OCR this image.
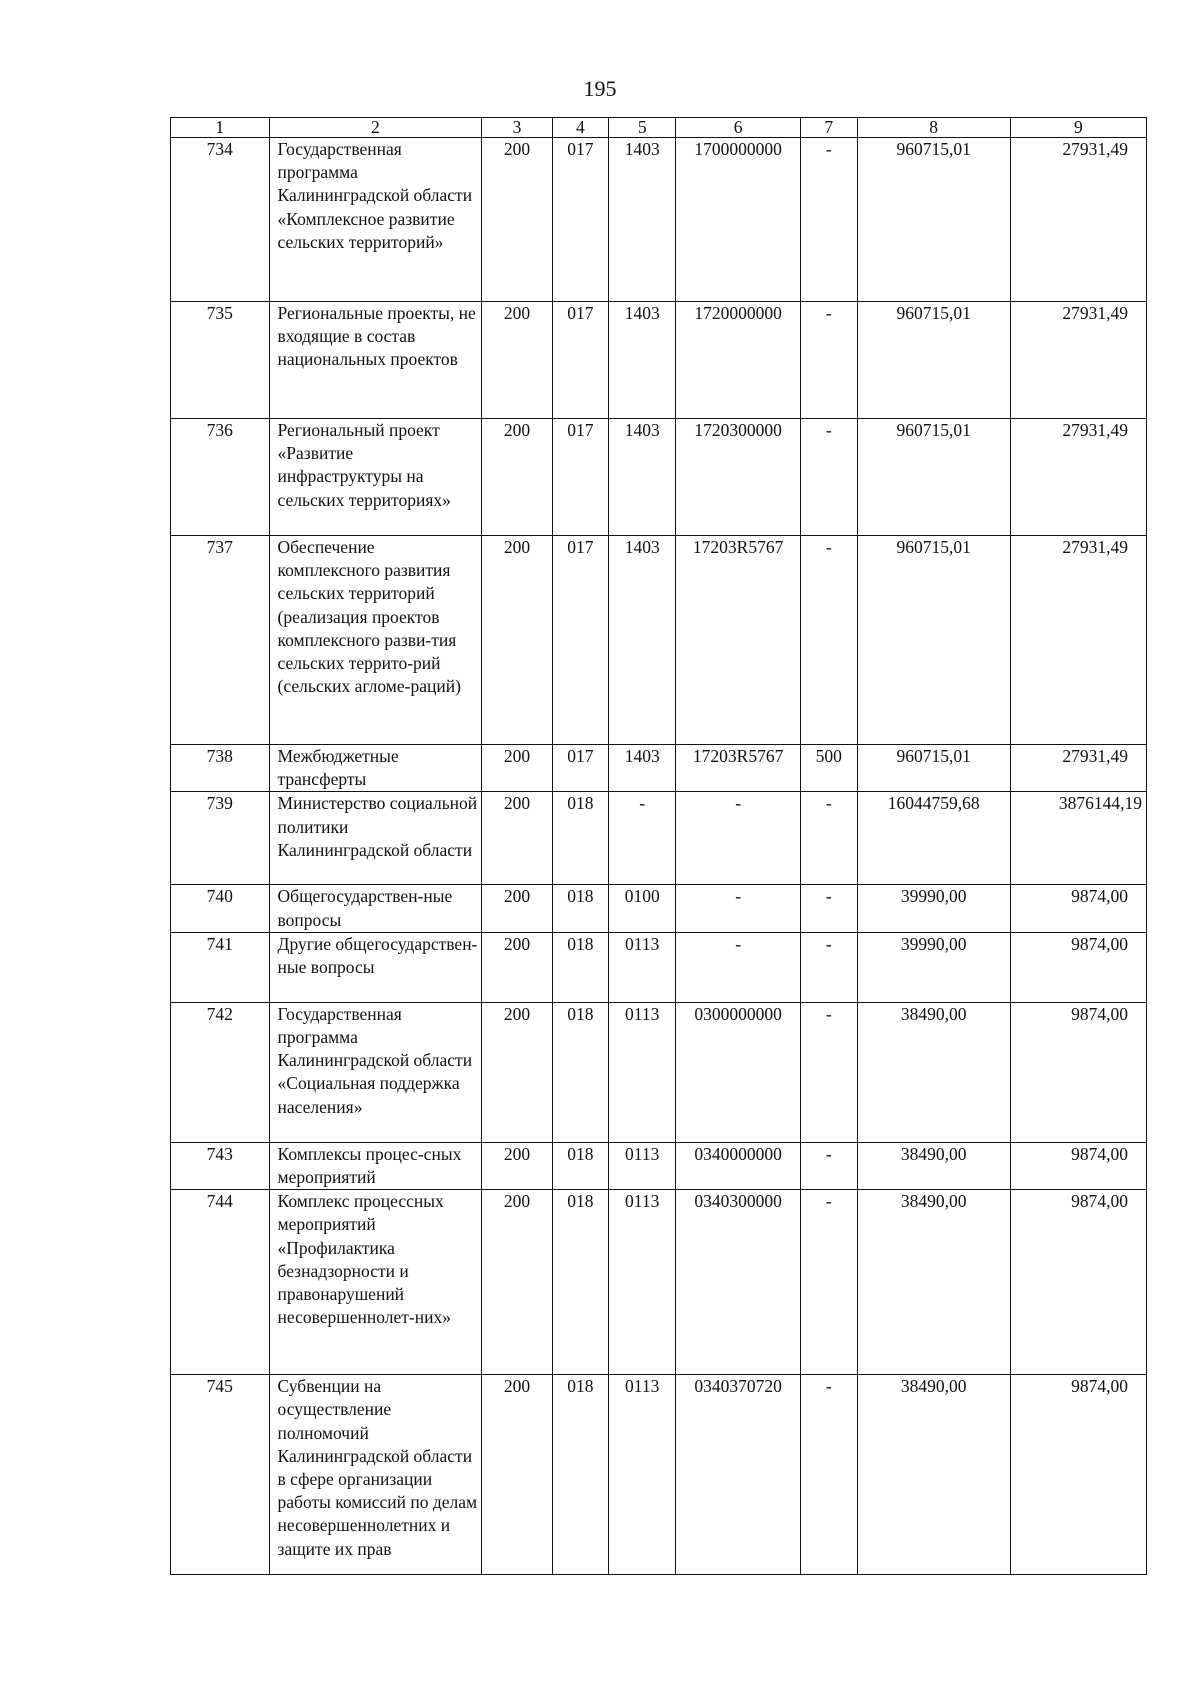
195
1	2	3	4	5	6	7	8	9
734	Государственная программа Калининградской области «Комплексное развитие сельских территорий»	200	017	1403	1700000000	-	960715,01	27931,49
735	Региональные проекты, не входящие в состав национальных проектов	200	017	1403	1720000000	-	960715,01	27931,49
736	Региональный проект «Развитие инфраструктуры на сельских территориях»	200	017	1403	1720300000	-	960715,01	27931,49
737	Обеспечение комплексного развития сельских территорий (реализация проектов комплексного разви-тия сельских террито-рий (сельских агломе-раций)	200	017	1403	17203R5767	-	960715,01	27931,49
738	Межбюджетные трансферты	200	017	1403	17203R5767	500	960715,01	27931,49
739	Министерство социальной политики Калининградской области	200	018	-	-	-	16044759,68	3876144,19
740	Общегосударствен-ные вопросы	200	018	0100	-	-	39990,00	9874,00
741	Другие общегосударствен-ные вопросы	200	018	0113	-	-	39990,00	9874,00
742	Государственная программа Калининградской области «Социальная поддержка населения»	200	018	0113	0300000000	-	38490,00	9874,00
743	Комплексы процес-сных мероприятий	200	018	0113	0340000000	-	38490,00	9874,00
744	Комплекс процессных мероприятий «Профилактика безнадзорности и правонарушений несовершеннолет-них»	200	018	0113	0340300000	-	38490,00	9874,00
745	Субвенции на осуществление полномочий Калининградской области в сфере организации работы комиссий по делам несовершеннолетних и защите их прав	200	018	0113	0340370720	-	38490,00	9874,00
